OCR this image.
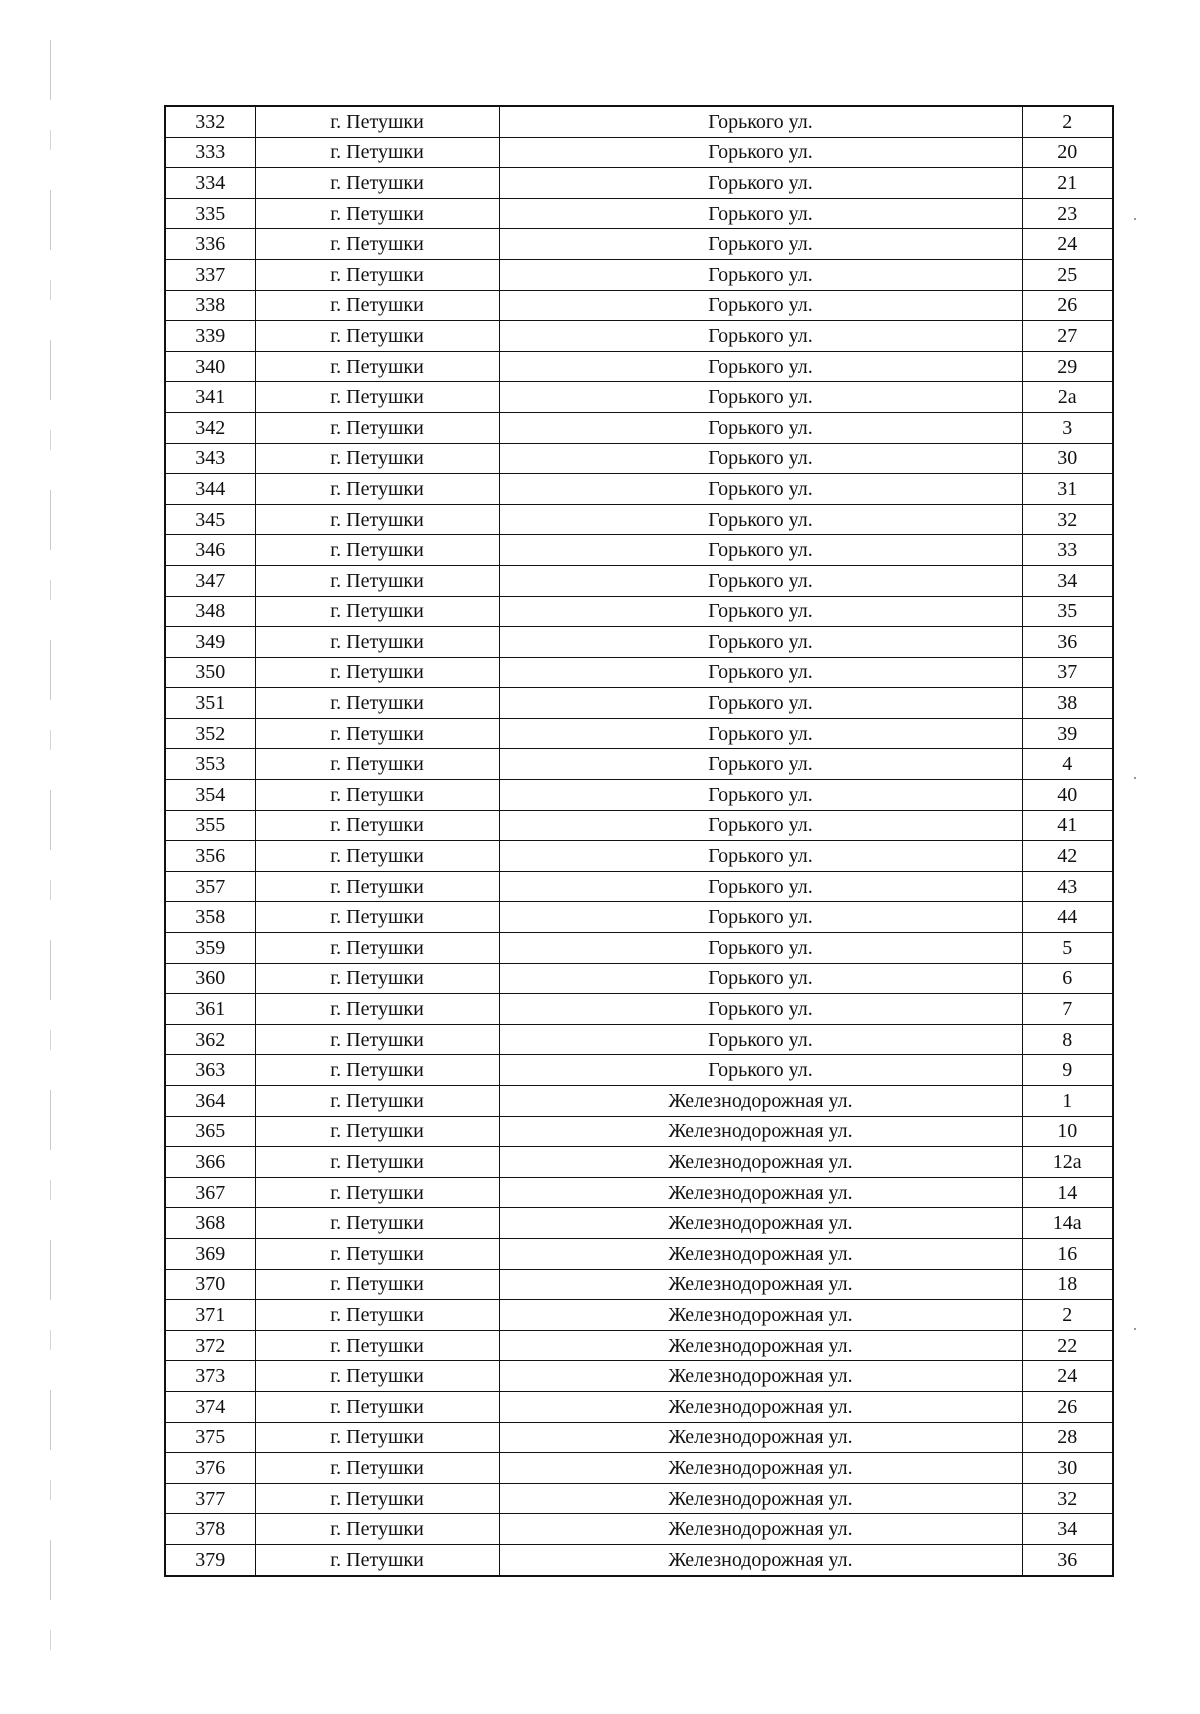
332	г. Петушки	Горького ул.	2
333	г. Петушки	Горького ул.	20
334	г. Петушки	Горького ул.	21
335	г. Петушки	Горького ул.	23
336	г. Петушки	Горького ул.	24
337	г. Петушки	Горького ул.	25
338	г. Петушки	Горького ул.	26
339	г. Петушки	Горького ул.	27
340	г. Петушки	Горького ул.	29
341	г. Петушки	Горького ул.	2а
342	г. Петушки	Горького ул.	3
343	г. Петушки	Горького ул.	30
344	г. Петушки	Горького ул.	31
345	г. Петушки	Горького ул.	32
346	г. Петушки	Горького ул.	33
347	г. Петушки	Горького ул.	34
348	г. Петушки	Горького ул.	35
349	г. Петушки	Горького ул.	36
350	г. Петушки	Горького ул.	37
351	г. Петушки	Горького ул.	38
352	г. Петушки	Горького ул.	39
353	г. Петушки	Горького ул.	4
354	г. Петушки	Горького ул.	40
355	г. Петушки	Горького ул.	41
356	г. Петушки	Горького ул.	42
357	г. Петушки	Горького ул.	43
358	г. Петушки	Горького ул.	44
359	г. Петушки	Горького ул.	5
360	г. Петушки	Горького ул.	6
361	г. Петушки	Горького ул.	7
362	г. Петушки	Горького ул.	8
363	г. Петушки	Горького ул.	9
364	г. Петушки	Железнодорожная ул.	1
365	г. Петушки	Железнодорожная ул.	10
366	г. Петушки	Железнодорожная ул.	12а
367	г. Петушки	Железнодорожная ул.	14
368	г. Петушки	Железнодорожная ул.	14а
369	г. Петушки	Железнодорожная ул.	16
370	г. Петушки	Железнодорожная ул.	18
371	г. Петушки	Железнодорожная ул.	2
372	г. Петушки	Железнодорожная ул.	22
373	г. Петушки	Железнодорожная ул.	24
374	г. Петушки	Железнодорожная ул.	26
375	г. Петушки	Железнодорожная ул.	28
376	г. Петушки	Железнодорожная ул.	30
377	г. Петушки	Железнодорожная ул.	32
378	г. Петушки	Железнодорожная ул.	34
379	г. Петушки	Железнодорожная ул.	36
